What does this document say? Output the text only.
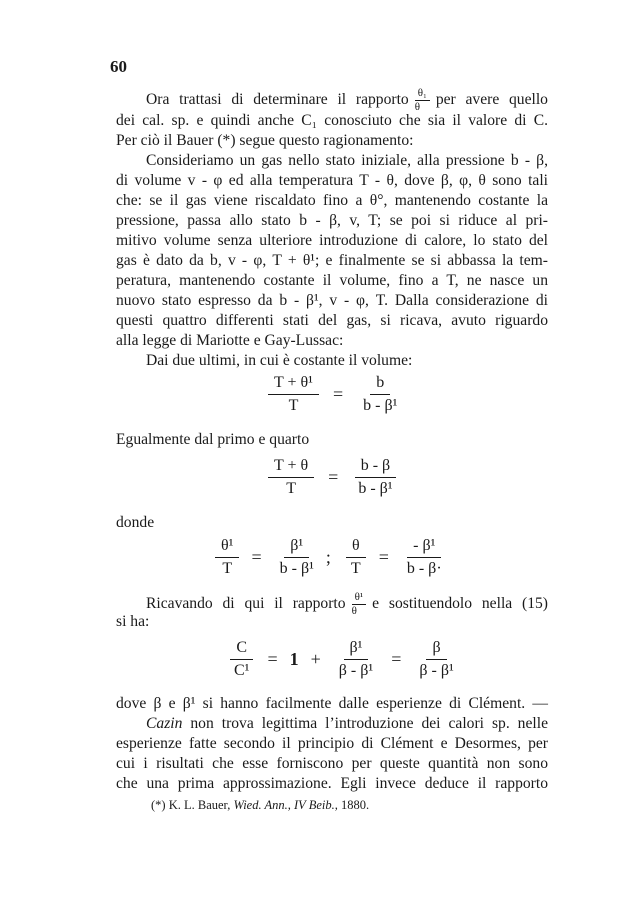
60
Ora trattasi di determinare il rapporto $\frac{\text{θ₁}}{\theta}$ per avere quello
dei cal. sp. e quindi anche C₁ conosciuto che sia il valore di C.
Per ciò il Bauer (*) segue questo ragionamento:
Consideriamo un gas nello stato iniziale, alla pressione b - β,
di volume v - φ ed alla temperatura T - θ, dove β, φ, θ sono tali
che: se il gas viene riscaldato fino a θ°, mantenendo costante la
pressione, passa allo stato b - β, v, T; se poi si riduce al pri-
mitivo volume senza ulteriore introduzione di calore, lo stato del
gas è dato da b, v - φ, T + θ¹; e finalmente se si abbassa la tem-
peratura, mantenendo costante il volume, fino a T, ne nasce un
nuovo stato espresso da b - β¹, v - φ, T. Dalla considerazione di
questi quattro differenti stati del gas, si ricava, avuto riguardo
alla legge di Mariotte e Gay-Lussac:
Dai due ultimi, in cui è costante il volume:
$\frac{\text{T + θ¹}}{T} = \frac{b}{\text{b - β¹}}$
Egualmente dal primo e quarto
$\frac{T + \theta}{T} = \frac{b - \beta}{\text{b - β¹}}$
donde
$\frac{\text{θ¹}}{T} = \frac{\text{β¹}}{\text{b - β¹}}$ ; $\frac{\theta}{T} = \frac{\text{- β¹}}{b - \beta\cdot}$
Ricavando di qui il rapporto $\frac{\text{θ¹}}{\theta}$ e sostituendolo nella (15)
si ha:
$\frac{C}{\text{C¹}} = 1 + \frac{\text{β¹}}{\text{β - β¹}} = \frac{\beta}{\text{β - β¹}}$
dove β e β¹ si hanno facilmente dalle esperienze di Clément. —
Cazin non trova legittima l’introduzione dei calori sp. nelle
esperienze fatte secondo il principio di Clément e Desormes, per
cui i risultati che esse forniscono per queste quantità non sono
che una prima approssimazione. Egli invece deduce il rapporto
(*) K. L. Bauer, Wied. Ann., IV Beib., 1880.
